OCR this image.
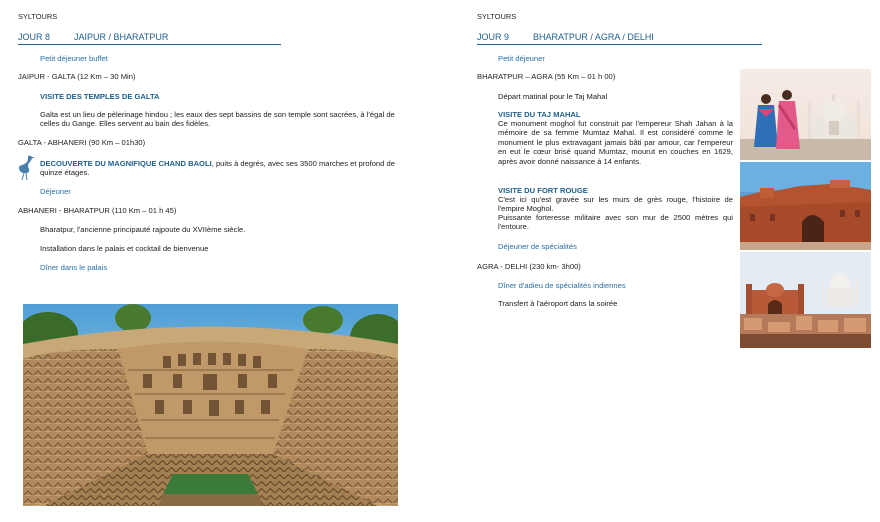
SYLTOURS
JOUR 8	JAIPUR / BHARATPUR
Petit déjeuner buffet
JAIPUR - GALTA (12 Km – 30 Min)
VISITE DES TEMPLES DE GALTA
Galta est un lieu de pèlerinage hindou ; les eaux des sept bassins de son temple sont sacrées, à l'égal de celles du Gange. Elles servent au bain des fidèles.
GALTA - ABHANERI (90 Km – 01h30)
DECOUVERTE DU MAGNIFIQUE CHAND BAOLI, puits à degrés, avec ses 3500 marches et profond de quinze étages.
Déjeuner
ABHANERI - BHARATPUR (110 Km – 01 h 45)
Bharatpur, l'ancienne principauté rajpoute du XVIIème siècle.
Installation dans le palais et cocktail de bienvenue
Dîner dans le palais
SYLTOURS
JOUR 9	BHARATPUR / AGRA / DELHI
Petit déjeuner
BHARATPUR – AGRA (55 Km – 01 h 00)
Départ matinal pour le Taj Mahal
VISITE DU TAJ MAHAL
Ce monument moghol fut construit par l'empereur Shah Jahan à la mémoire de sa femme Mumtaz Mahal. Il est considéré comme le monument le plus extravagant jamais bâti par amour, car l'empereur en eut le cœur brisé quand Mumtaz, mourut en couches en 1629, après avoir donné naissance à 14 enfants.
VISITE DU FORT ROUGE
C'est ici qu'est gravée sur les murs de grès rouge, l'histoire de l'empire Moghol.
Puissante forteresse militaire avec son mur de 2500 mètres qui l'entoure.
Déjeuner de spécialités
AGRA - DELHI (230 km- 3h00)
Dîner d'adieu de spécialités indiennes
Transfert à l'aéroport dans la soirée
